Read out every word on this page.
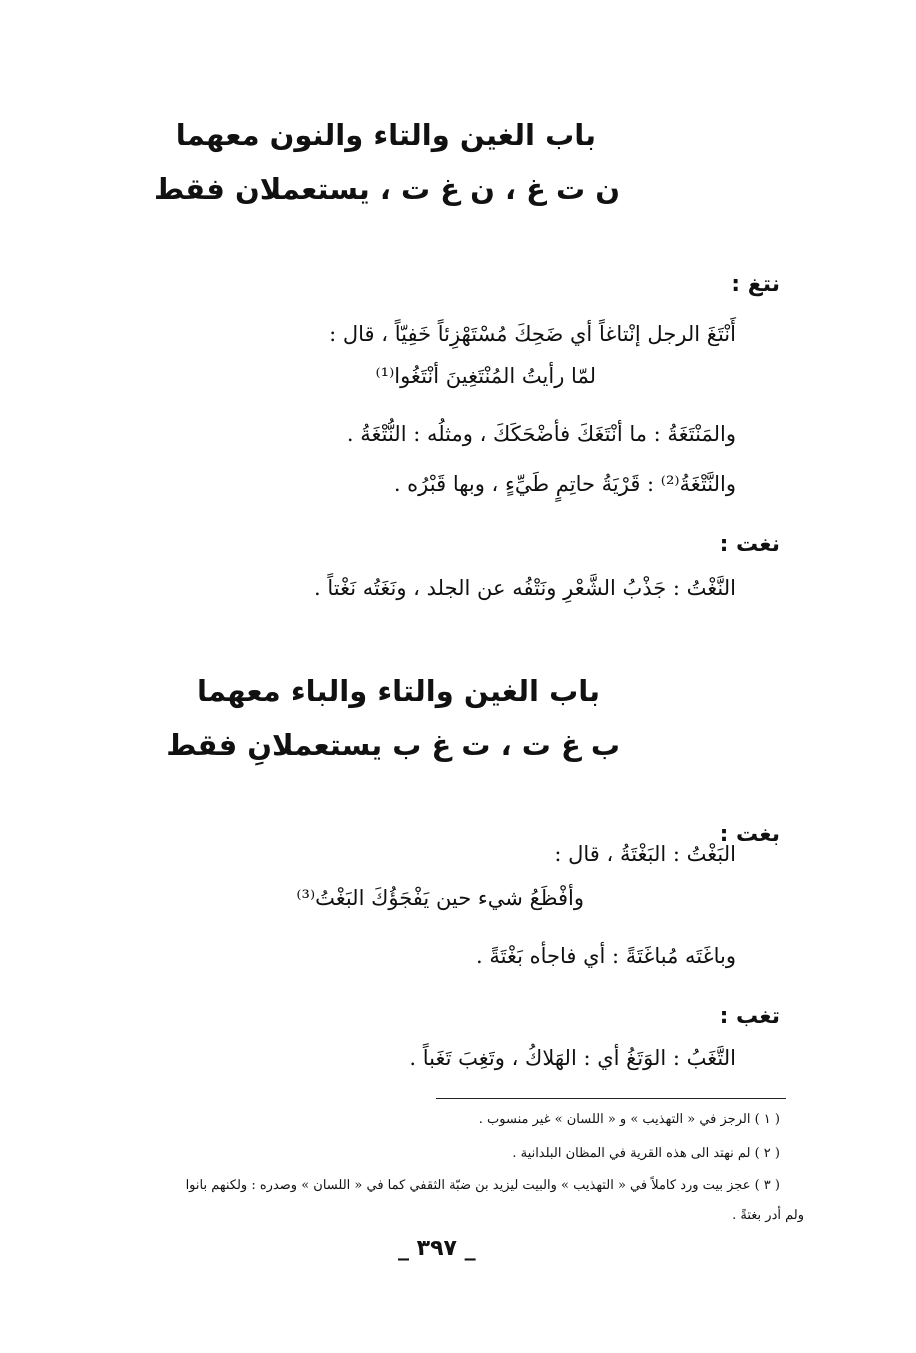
باب الغين والتاء والنون معهما
ن ت غ ، ن غ ت ، يستعملان فقط
نتغ :
أَنْتَغَ الرجل إنْتاغاً أي ضَحِكَ مُسْتَهْزِئاً خَفِيّاً ، قال :
لمّا رأيتُ المُنْتَغِينَ أنْتَغُوا⁽¹⁾
والمَنْتَغَةُ : ما أنْتَغَكَ فأضْحَكَكَ ، ومثلُه : النُّتْغَةُ .
والنَّتْغَةُ⁽²⁾ : قَرْيَةُ حاتِمٍ طَيِّءٍ ، وبها قَبْرُه .
نغت :
النَّغْتُ : جَذْبُ الشَّعْرِ ونَتْفُه عن الجلد ، ونَغَتُه نَغْتاً .
باب الغين والتاء والباء معهما
ب غ ت ، ت غ ب يستعملانِ فقط
بغت :
البَغْتُ : البَغْتَةُ ، قال :
وأفْظَعُ شيء حين يَفْجَؤُكَ البَغْتُ⁽³⁾
وباغَتَه مُباغَتَةً : أي فاجأه بَغْتَةً .
تغب :
التَّغَبُ : الوَتَغُ أي : الهَلاكُ ، وتَغِبَ تَغَباً .
( ١ ) الرجز في « التهذيب » و « اللسان » غير منسوب .
( ٢ ) لم نهتد الى هذه القرية في المظان البلدانية .
( ٣ ) عجز بيت ورد كاملاً في « التهذيب » والبيت ليزيد بن ضبّة الثقفي كما في « اللسان » وصدره : ولكنهم بانوا
ولم أدر بغتةً .
_ ٣٩٧ _
